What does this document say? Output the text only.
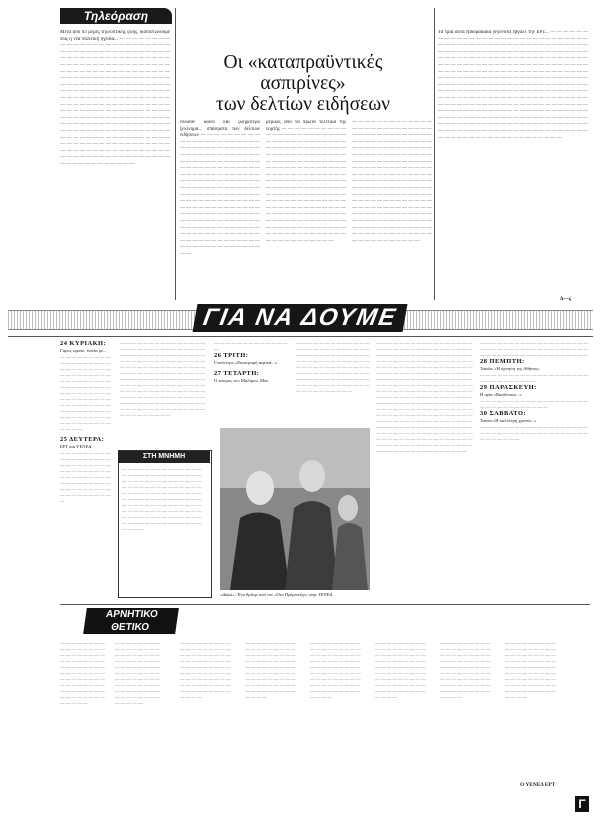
Τηλεόραση
Μετά από 93 μέρες τηλεοπτικής ζωής, διαπιστώνουμε πως η νέα πολιτική ηγεσία... — — — — — — — — — — — — — — — — — — — — — — — — — — — — — — — — — — — — — — — — — — — — — — — — — — — — — — — — — — — — — — — — — — — — — — — — — — — — — — — — — — — — — — — — — — — — — — — — — — — — — — — — — — — — — — — — — — — — — — — — — — — — — — — — — — — — — — — — — — — — — — — — — — — — — — — — — — — — — — — — — — — — — — — — — — — — — — — — — — — — — — — — — — — — — — — — — — — — — — — — — — — — — — — — — — — — — — — — — — — — — — — — — — — — — — — — — — — — — — — — — — — — — — — — — — — — — — — — — — — — — — — — — — — — — — — — — — — — — — — — — — — — — — — — — — — — — — — — — — — — — — — — — — — — — — — — — — — — — — — — — — — — — —
Οι «καταπραϋντικές
ασπιρίνες»
των δελτίων ειδήσεων
έδωσαν καινό και ζωηρότερο ξεκίνημα... σπάσματα των δελτίων ειδήσεων — — — — — — — — — — — — — — — — — — — — — — — — — — — — — — — — — — — — — — — — — — — — — — — — — — — — — — — — — — — — — — — — — — — — — — — — — — — — — — — — — — — — — — — — — — — — — — — — — — — — — — — — — — — — — — — — — — — — — — — — — — — — — — — — — — — — — — — — — — — — — — — — — — — — — — — — — — — — — — — — — — — — — — — — — — — — — — — — — — — — — — — — — — — — — — — — — — — — — — — — — — — — — — — — — — — — — — — — — — — — — — — — — — — — — — — —
μερικά, από τα πρώτα τελετικά της εορτής — — — — — — — — — — — — — — — — — — — — — — — — — — — — — — — — — — — — — — — — — — — — — — — — — — — — — — — — — — — — — — — — — — — — — — — — — — — — — — — — — — — — — — — — — — — — — — — — — — — — — — — — — — — — — — — — — — — — — — — — — — — — — — — — — — — — — — — — — — — — — — — — — — — — — — — — — — — — — — — — — — — — — — — — — — — — — — — — — — — — — — — — — — — — — — — — — — — — — — — — — — — — — — — — — — — — — — — — — — — — — — — — — — — — —
— — — — — — — — — — — — — — — — — — — — — — — — — — — — — — — — — — — — — — — — — — — — — — — — — — — — — — — — — — — — — — — — — — — — — — — — — — — — — — — — — — — — — — — — — — — — — — — — — — — — — — — — — — — — — — — — — — — — — — — — — — — — — — — — — — — — — — — — — — — — — — — — — — — — — — — — — — — — — — — — — — — — — — — — — — — — — — — — — — — — — — — — — — — — — — — — — — — — — — — — — — — — — — — — — — — — — — — — — — — — — — — — — — — — — — — — — — — — — — — — — — — — —
Τα τρία αυτά εβδομαδιαία γεγονότα έβγαλε την ΕΡΤ... — — — — — — — — — — — — — — — — — — — — — — — — — — — — — — — — — — — — — — — — — — — — — — — — — — — — — — — — — — — — — — — — — — — — — — — — — — — — — — — — — — — — — — — — — — — — — — — — — — — — — — — — — — — — — — — — — — — — — — — — — — — — — — — — — — — — — — — — — — — — — — — — — — — — — — — — — — — — — — — — — — — — — — — — — — — — — — — — — — — — — — — — — — — — — — — — — — — — — — — — — — — — — — — — — — — — — — — — — — — — — — — — — — — — — — — — — — — — — — — — — — — — — — — — — — — — — — — — — — — — — — — — — — — — — — — — — — — — — — — — — — — — — — — — — — — — — — — — — — — — — — — — — — — — — — — — — — — — — — — — — — — — — — — — — — — — — — — — — — — — — — — — — — — — — — — — — — — — — — — — — — — — — — — — — — — — — — — — — — — — — — — — — —
Δ—ς
ΓΙΑ ΝΑ ΔΟΥΜΕ
24 ΚΥΡΙΑΚΗ:
Γάμος ωραίο, ταινία με...
— — — — — — — — — — — — — — — — — — — — — — — — — — — — — — — — — — — — — — — — — — — — — — — — — — — — — — — — — — — — — — — — — — — — — — — — — — — — — — — — — — — — — — — — — — — — — — — — — — — — — — — — — — — — — — — —
25 ΔΕΥΤΕΡΑ:
ΕΡΤ και ΥΕΝΕΔ.
— — — — — — — — — — — — — — — — — — — — — — — — — — — — — — — — — — — — — — — — — — — — — — — — — — — — — — — — — — — — — — — — — — — — — — — — —
— — — — — — — — — — — — — — — — — — — — — — — — — — — — — — — — — — — — — — — — — — — — — — — — — — — — — — — — — — — — — — — — — — — — — — — — — — — — — — — — — — — — — — — — — — — — — — — — — — — — — — — — — — — — — — — — — — — — — — — — — — — — — — — — — — — — — — — — — — — — — — — — — — — — — — — — — — — — — — — — — — — — — — — — — — — — — — — — — — — — — — — — — — — — —
ΣΤΗ ΜΝΗΜΗ
— — — — — — — — — — — — — — — — — — — — — — — — — — — — — — — — — — — — — — — — — — — — — — — — — — — — — — — — — — — — — — — — — — — — — — — — — — — — — — — — — — — — — — — — — — — — — — — — — — — — — — — — — — — — — — — — — — — — — — — — — — — — — — — — — — — — — — — — — — — — — — — —
— — — — — — — — — — — — — —
26 ΤΡΙΤΗ:
Γουέστερν «Επιστροφή αερικά...»
27 ΤΕΤΑΡΤΗ:
Ο κόσμος του Μαλίμου. Μαι
— — — — — — — — — — — — — — — — — — — — — — — — — — — — — — — — — — — — — — — — — — — — — — — — — — — — — — — — — — — — — — — — — — — — — — — — — — — — — — — — — — — — — — — — — — — — — — — — — — — — — — — — — — — — — — — — — —
— — — — — — — — — — — — — — — — — — — — — — — — — — — — — — — — — — — — — — — — — — — — — — — — — — — — — — — — — — — — — — — — — — — — — — — — — — — — — — — — — — — — — — — — — — — — — — — — — — — — — — — — — — — — — — — — — — — — — — — — — — — — — — — — — — — — — — — — — — — — — — — — — — — — — — — — — — — — — — — — — — — — — — — — — — — — — — — — — — — — — — — — — — — — — — — — — — — — — — — — — — — — — — — — — — — — — — — — — — — — — — — — — — — — — — — — — — — — — — — — — — — — — — — — — — — — — — — — — — — — — — — — — — — — — — — — — — — — — — — — — — — — — — — — — — — — — — — — — — — — — — — — — — — — — — — — — — — — — — — — — —
— — — — — — — — — — — — — — — — — — — — — — — — — — — — — — — — — — — — — — — — — — — — — — — — — — — — — — — — —
28 ΠΕΜΠΤΗ:
Ταινία: «Η άρνηση της Αθήνας»
— — — — — — — — — — — — — — — — — — — — — — — — — — — — —
29 ΠΑΡΑΣΚΕΥΗ:
Η αγία «Βασίλισσα...»
— — — — — — — — — — — — — — — — — — — — — — — — — — — — — — —
30 ΣΑΒΒΑΤΟ:
Ταινία «Η καλύτερη χρονιά...»
— — — — — — — — — — — — — — — — — — — — — — — — — — — — — — — — — — — — — — — — — — — — —
«Διψώ»: Ένα θρίλερ από τον «Ότο Πρέμιντζερ» στην ΥΕΝΕΔ
ΑΡΝΗΤΙΚΟ
ΘΕΤΙΚΟ
— — — — — — — — — — — — — — — — — — — — — — — — — — — — — — — — — — — — — — — — — — — — — — — — — — — — — — — — — — — — — — — — — — — — — — — — — — — — — — — — — — — — —
— — — — — — — — — — — — — — — — — — — — — — — — — — — — — — — — — — — — — — — — — — — — — — — — — — — — — — — — — — — — — — — — — — — — — — — — — — — — — — — — — — — — —
— — — — — — — — — — — — — — — — — — — — — — — — — — — — — — — — — — — — — — — — — — — — — — — — — — — — — — — — — — — — — — — — — — — — — — — — — — — — — — — — — — — — —
— — — — — — — — — — — — — — — — — — — — — — — — — — — — — — — — — — — — — — — — — — — — — — — — — — — — — — — — — — — — — — — — — — — — — — — — — — — — — — — — — — — — —
— — — — — — — — — — — — — — — — — — — — — — — — — — — — — — — — — — — — — — — — — — — — — — — — — — — — — — — — — — — — — — — — — — — — — — — — — — — — — — — — — — — — —
— — — — — — — — — — — — — — — — — — — — — — — — — — — — — — — — — — — — — — — — — — — — — — — — — — — — — — — — — — — — — — — — — — — — — — — — — — — — — — — — — — — — —
— — — — — — — — — — — — — — — — — — — — — — — — — — — — — — — — — — — — — — — — — — — — — — — — — — — — — — — — — — — — — — — — — — — — — — — — — — — — — — — — — — — — —
— — — — — — — — — — — — — — — — — — — — — — — — — — — — — — — — — — — — — — — — — — — — — — — — — — — — — — — — — — — — — — — — — — — — — — — — — — — — — — — — — — — — —
Ο ΥΕΝΕΔ ΕΡΤ
Γ
